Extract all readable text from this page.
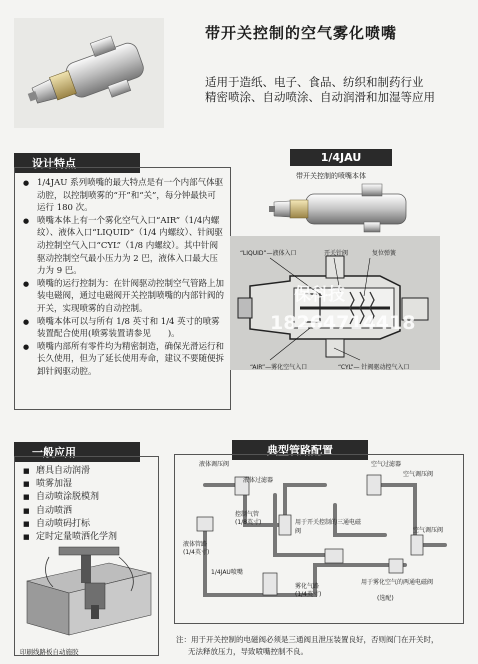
带开关控制的空气雾化喷嘴
适用于造纸、电子、食品、纺织和制药行业
精密喷涂、自动喷涂、自动润滑和加湿等应用
设计特点
● 1/4JAU 系列喷嘴的最大特点是有一个内部气体驱动腔，以控制喷雾的“开”和“关”，每分钟最快可运行 180 次。
● 喷嘴本体上有一个雾化空气入口“AIR”（1/4内螺纹）、液体入口“LIQUID”（1/4 内螺纹）、针阀驱动控制空气入口“CYL”（1/8 内螺纹）。其中针阀驱动控制空气最小压力为 2 巴，液体入口最大压力为 9 巴。
● 喷嘴的运行控制为：在针阀驱动控制空气管路上加装电磁阀，通过电磁阀开关控制喷嘴的内部针阀的开关，实现喷雾的自动控制。
● 喷嘴本体可以与所有 1/8 英寸和 1/4 英寸的喷雾装置配合使用(喷雾装置请参见　　)。
● 喷嘴内部所有零件均为精密制造，确保光滑运行和长久使用，但为了延长使用寿命，建议不要随便拆卸针阀驱动腔。
1/4JAU
带开关控制的喷嘴本体
“LIQUID”—液体入口	开关针阀	复位弹簧
“AIR”—雾化空气入口	“CYL”— 针阀驱动控气入口
保科技
18264714418
一般应用
■ 磨具自动润滑
■ 喷雾加湿
■ 自动喷涂脱模剂
■ 自动喷洒
■ 自动喷码打标
■ 定时定量喷洒化学剂
印刷线路板自动施胶
典型管路配置
液体调压阀	空气过滤器
液体过滤器
空气调压阀
控制气管
(1/8英寸)	用于开关控制的三通电磁阀
液体管路
(1/4英寸)
1/4JAU喷嘴
雾化气路
(1/4英寸)
用于雾化空气的两通电磁阀
(选配)
空气调压阀
注：用于开关控制的电磁阀必须是三通阀且泄压装置良好，否则阀门在开关时，
无法释放压力，导致喷嘴控制不良。
